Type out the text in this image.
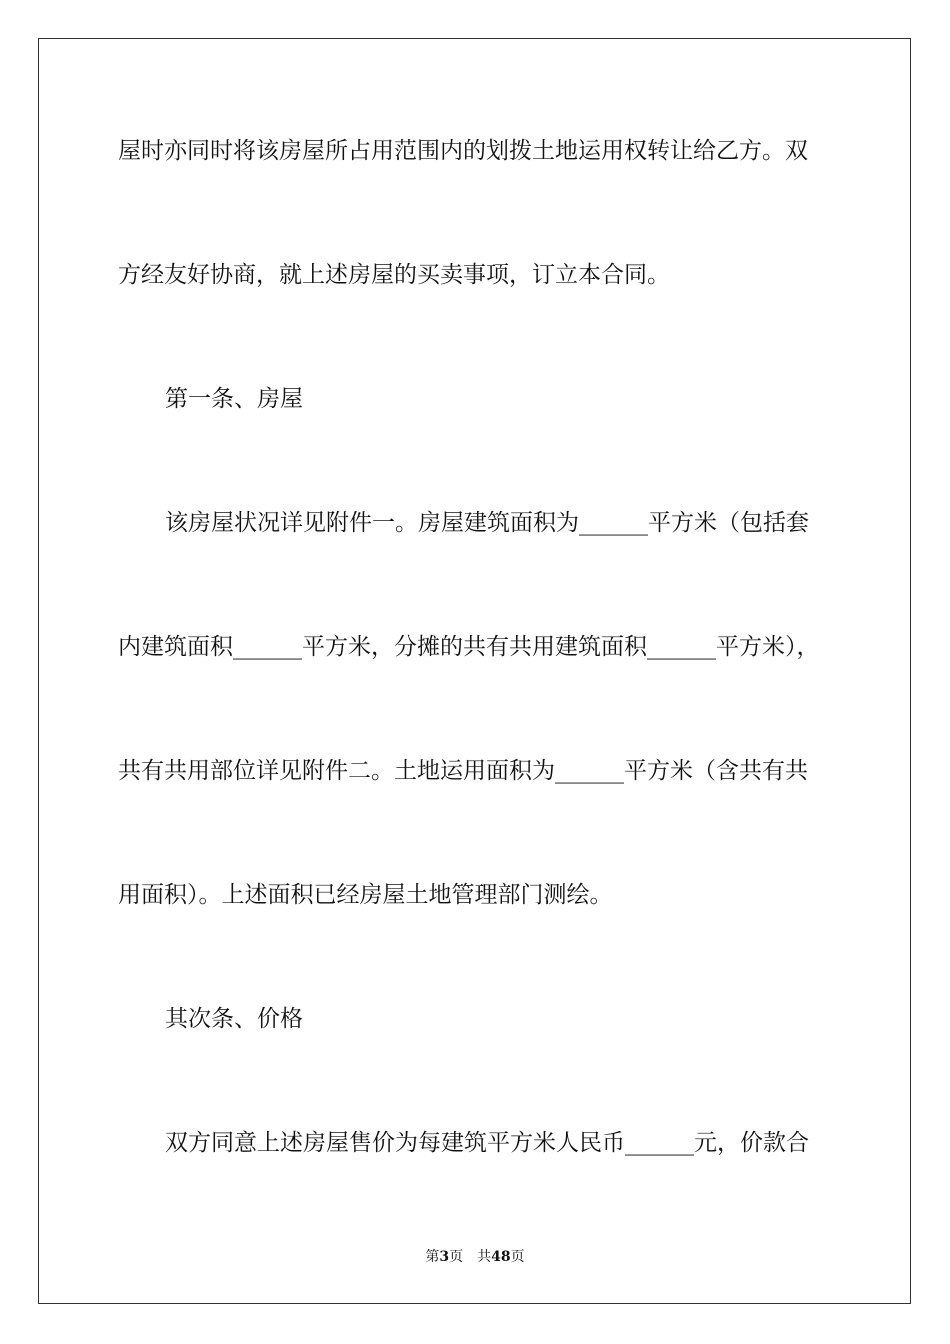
屋时亦同时将该房屋所占用范围内的划拨土地运用权转让给乙方。双
方经友好协商，就上述房屋的买卖事项，订立本合同。
第一条、房屋
该房屋状况详见附件一。房屋建筑面积为______平方米（包括套
内建筑面积______平方米，分摊的共有共用建筑面积______平方米），
共有共用部位详见附件二。土地运用面积为______平方米（含共有共
用面积）。上述面积已经房屋土地管理部门测绘。
其次条、价格
双方同意上述房屋售价为每建筑平方米人民币______元，价款合
第3页　共48页
